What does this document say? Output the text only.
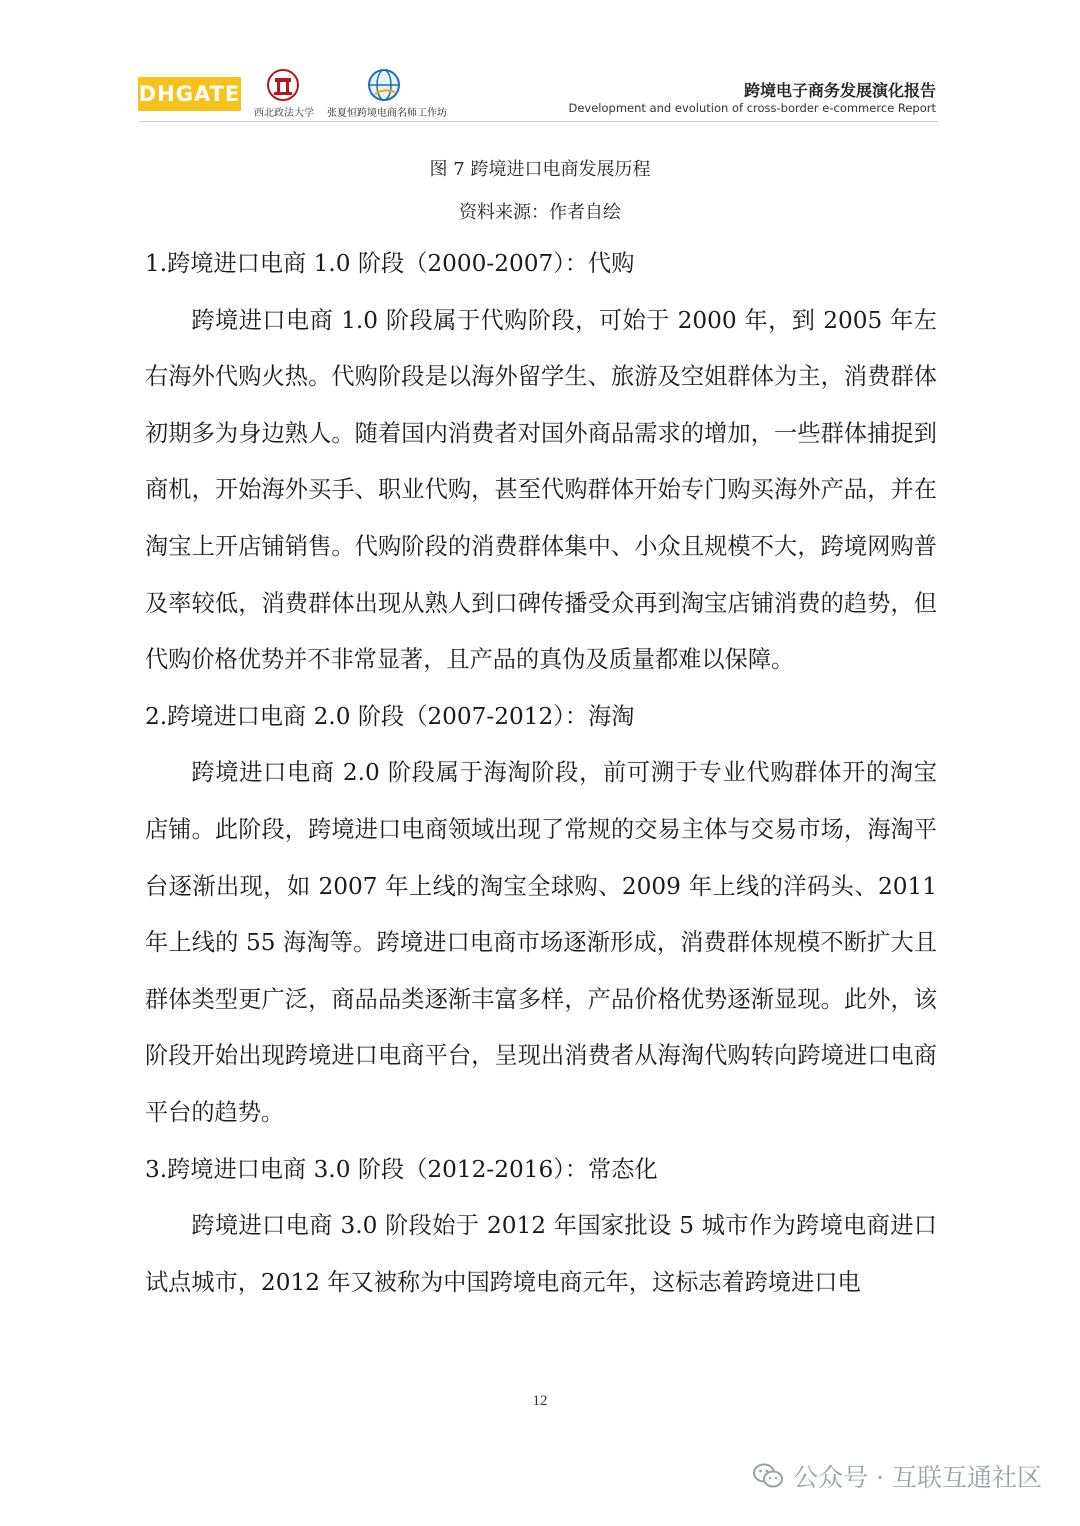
DHGATE
西北政法大学	张夏恒跨境电商名师工作坊
跨境电子商务发展演化报告
Development and evolution of cross-border e-commerce Report
图 7 跨境进口电商发展历程
资料来源：作者自绘

1.跨境进口电商 1.0 阶段（2000-2007）：代购

跨境进口电商 1.0 阶段属于代购阶段，可始于 2000 年，到 2005 年左右海外代购火热。代购阶段是以海外留学生、旅游及空姐群体为主，消费群体初期多为身边熟人。随着国内消费者对国外商品需求的增加，一些群体捕捉到商机，开始海外买手、职业代购，甚至代购群体开始专门购买海外产品，并在淘宝上开店铺销售。代购阶段的消费群体集中、小众且规模不大，跨境网购普及率较低，消费群体出现从熟人到口碑传播受众再到淘宝店铺消费的趋势，但代购价格优势并不非常显著，且产品的真伪及质量都难以保障。

2.跨境进口电商 2.0 阶段（2007-2012）：海淘

跨境进口电商 2.0 阶段属于海淘阶段，前可溯于专业代购群体开的淘宝店铺。此阶段，跨境进口电商领域出现了常规的交易主体与交易市场，海淘平台逐渐出现，如 2007 年上线的淘宝全球购、2009 年上线的洋码头、2011 年上线的 55 海淘等。跨境进口电商市场逐渐形成，消费群体规模不断扩大且群体类型更广泛，商品品类逐渐丰富多样，产品价格优势逐渐显现。此外，该阶段开始出现跨境进口电商平台，呈现出消费者从海淘代购转向跨境进口电商平台的趋势。

3.跨境进口电商 3.0 阶段（2012-2016）：常态化

跨境进口电商 3.0 阶段始于 2012 年国家批设 5 城市作为跨境电商进口试点城市，2012 年又被称为中国跨境电商元年，这标志着跨境进口电

12
公众号 · 互联互通社区
